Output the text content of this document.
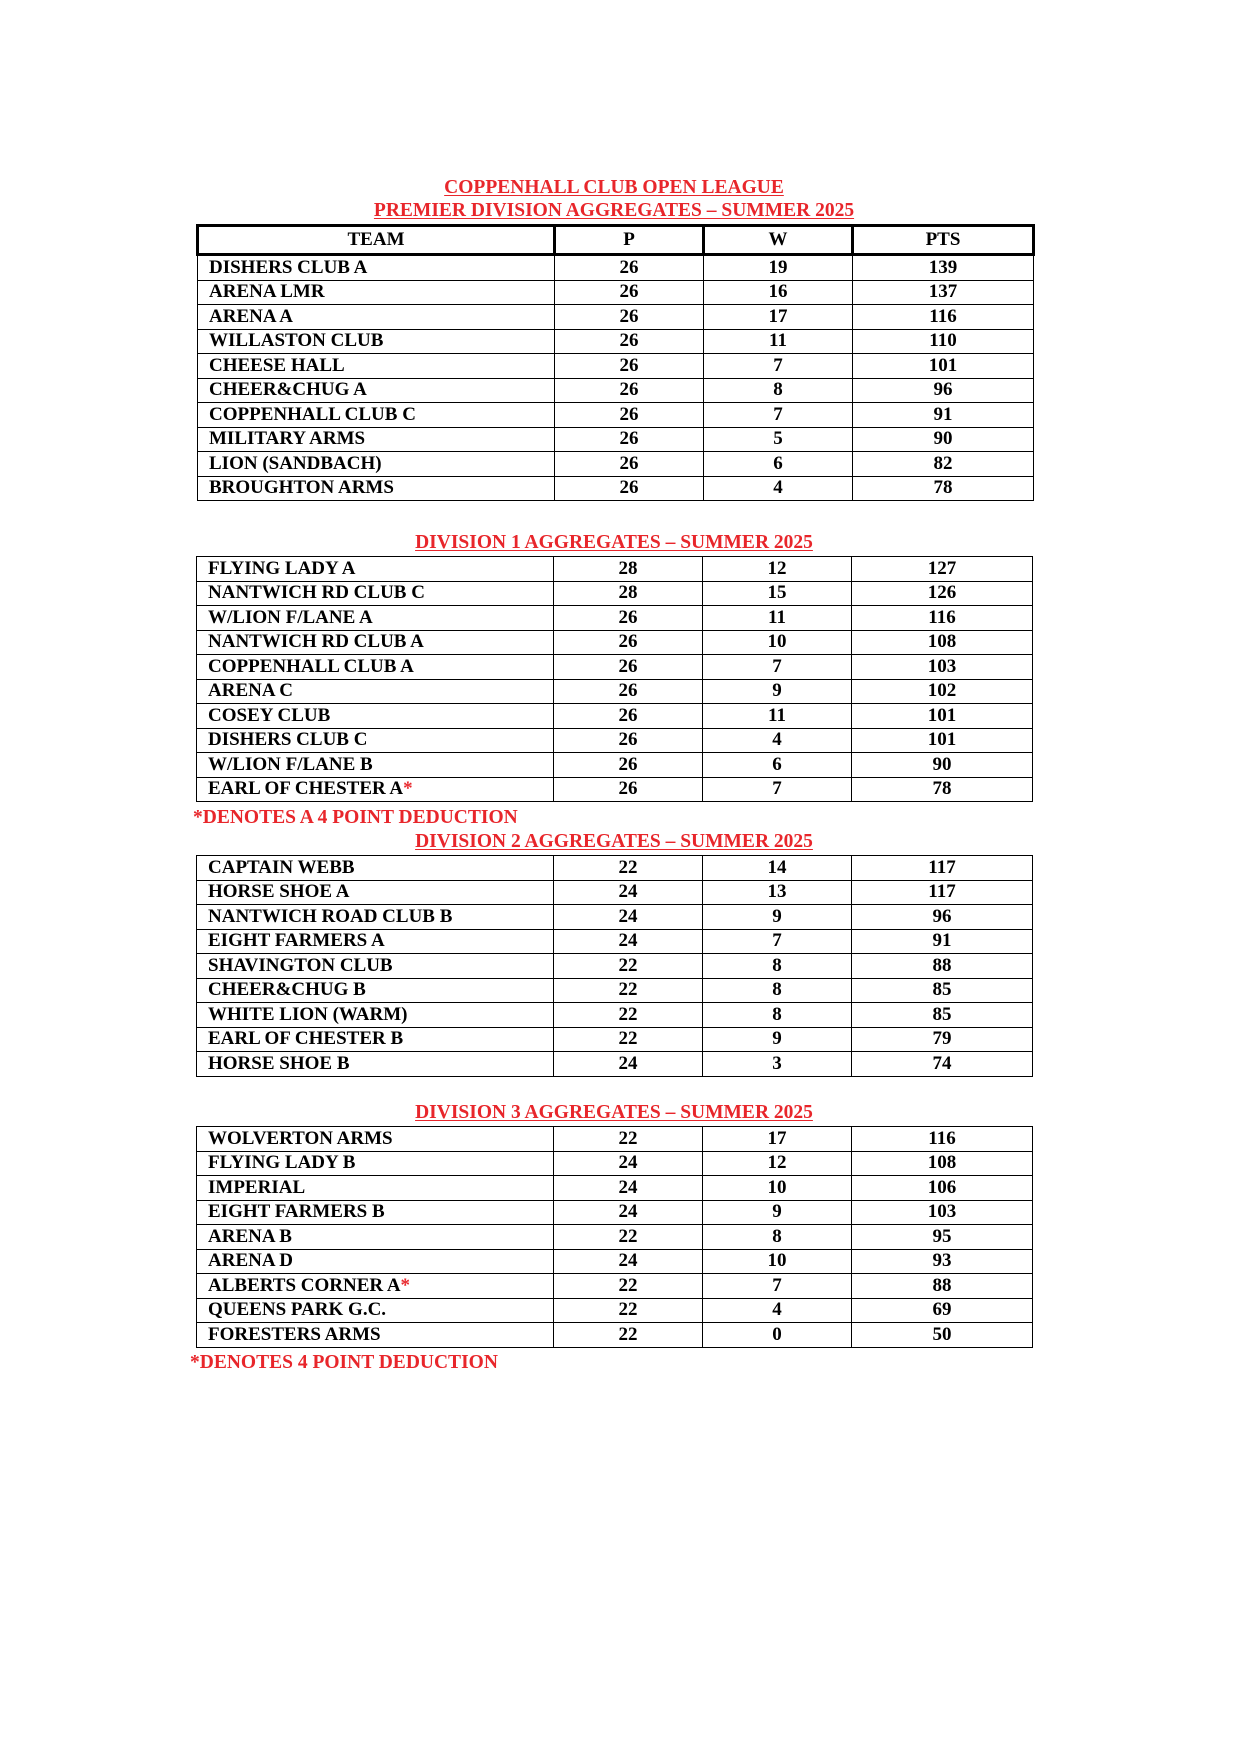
COPPENHALL CLUB OPEN LEAGUE
PREMIER DIVISION AGGREGATES – SUMMER 2025
TEAM	P	W	PTS
DISHERS CLUB A	26	19	139
ARENA LMR	26	16	137
ARENA A	26	17	116
WILLASTON CLUB	26	11	110
CHEESE HALL	26	7	101
CHEER&CHUG A	26	8	96
COPPENHALL CLUB C	26	7	91
MILITARY ARMS	26	5	90
LION (SANDBACH)	26	6	82
BROUGHTON ARMS	26	4	78
DIVISION 1 AGGREGATES – SUMMER 2025
FLYING LADY A	28	12	127
NANTWICH RD CLUB C	28	15	126
W/LION F/LANE A	26	11	116
NANTWICH RD CLUB A	26	10	108
COPPENHALL CLUB A	26	7	103
ARENA C	26	9	102
COSEY CLUB	26	11	101
DISHERS CLUB C	26	4	101
W/LION F/LANE B	26	6	90
EARL OF CHESTER A*	26	7	78
*DENOTES A 4 POINT DEDUCTION
DIVISION 2 AGGREGATES – SUMMER 2025
CAPTAIN WEBB	22	14	117
HORSE SHOE A	24	13	117
NANTWICH ROAD CLUB B	24	9	96
EIGHT FARMERS A	24	7	91
SHAVINGTON CLUB	22	8	88
CHEER&CHUG B	22	8	85
WHITE LION (WARM)	22	8	85
EARL OF CHESTER B	22	9	79
HORSE SHOE B	24	3	74
DIVISION 3 AGGREGATES – SUMMER 2025
WOLVERTON ARMS	22	17	116
FLYING LADY B	24	12	108
IMPERIAL	24	10	106
EIGHT FARMERS B	24	9	103
ARENA B	22	8	95
ARENA D	24	10	93
ALBERTS CORNER A*	22	7	88
QUEENS PARK G.C.	22	4	69
FORESTERS ARMS	22	0	50
*DENOTES 4 POINT DEDUCTION
